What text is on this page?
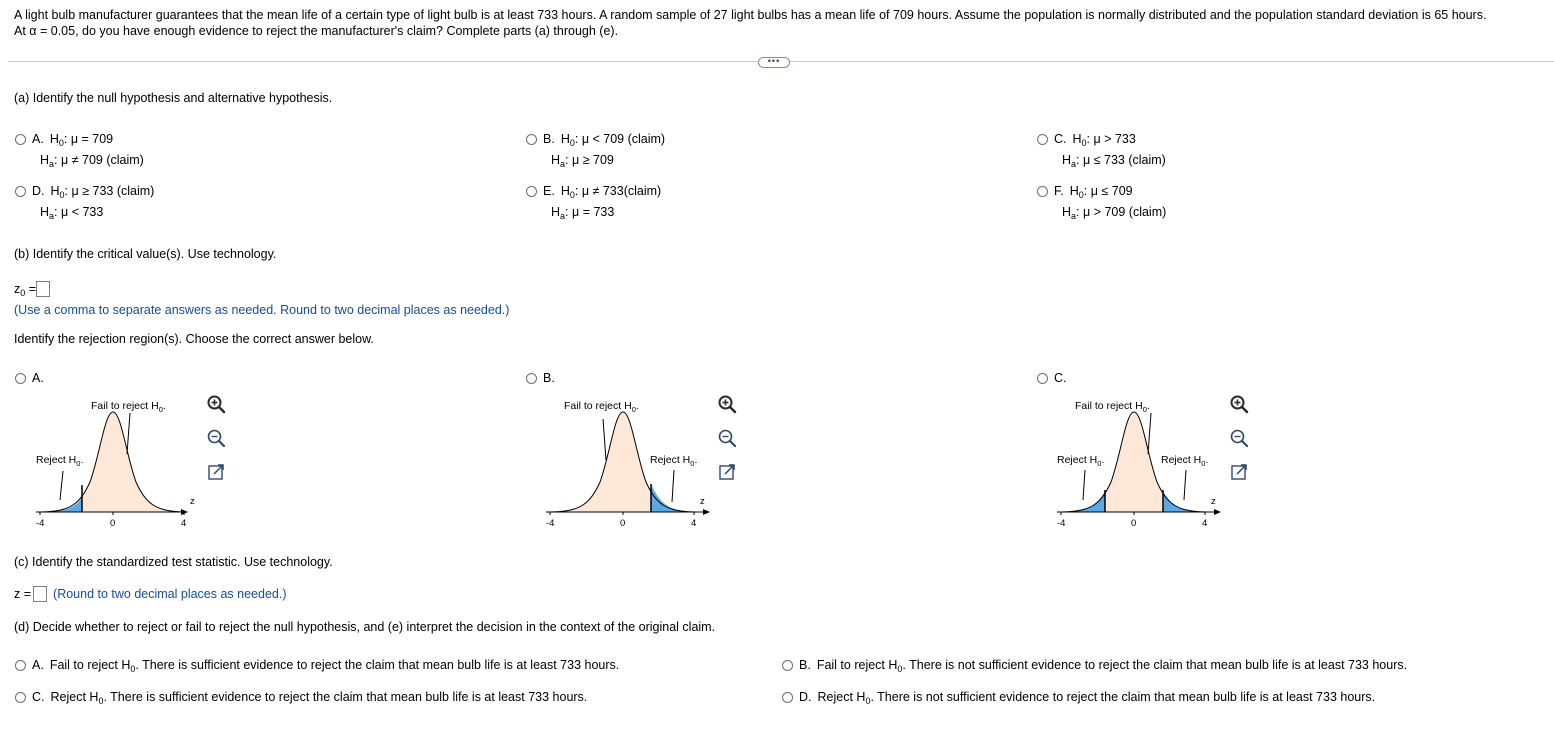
A light bulb manufacturer guarantees that the mean life of a certain type of light bulb is at least 733 hours. A random sample of 27 light bulbs has a mean life of 709 hours. Assume the population is normally distributed and the population standard deviation is 65 hours.
At α = 0.05, do you have enough evidence to reject the manufacturer's claim? Complete parts (a) through (e).
•••
(a) Identify the null hypothesis and alternative hypothesis.
A. $H_0$: μ = 709
$H_a$: μ ≠ 709 (claim)
B. $H_0$: μ < 709 (claim)
$H_a$: μ ≥ 709
C. $H_0$: μ > 733
$H_a$: μ ≤ 733 (claim)
D. $H_0$: μ ≥ 733 (claim)
$H_a$: μ < 733
E. $H_0$: μ ≠ 733(claim)
$H_a$: μ = 733
F. $H_0$: μ ≤ 709
$H_a$: μ > 709 (claim)
(b) Identify the critical value(s). Use technology.
$z_0$ =
(Use a comma to separate answers as needed. Round to two decimal places as needed.)
Identify the rejection region(s). Choose the correct answer below.
A.	B.	C.
Fail to reject $H_0$.
Reject $H_0$.
z
-4	0	4
Fail to reject $H_0$.
Reject $H_0$.
z
-4	0	4
Fail to reject $H_0$.
Reject $H_0$.	Reject $H_0$.
z
-4	0	4
(c) Identify the standardized test statistic. Use technology.
z = (Round to two decimal places as needed.)
(d) Decide whether to reject or fail to reject the null hypothesis, and (e) interpret the decision in the context of the original claim.
A. Fail to reject $H_0$. There is sufficient evidence to reject the claim that mean bulb life is at least 733 hours.	B. Fail to reject $H_0$. There is not sufficient evidence to reject the claim that mean bulb life is at least 733 hours.
C. Reject $H_0$. There is sufficient evidence to reject the claim that mean bulb life is at least 733 hours.	D. Reject $H_0$. There is not sufficient evidence to reject the claim that mean bulb life is at least 733 hours.
